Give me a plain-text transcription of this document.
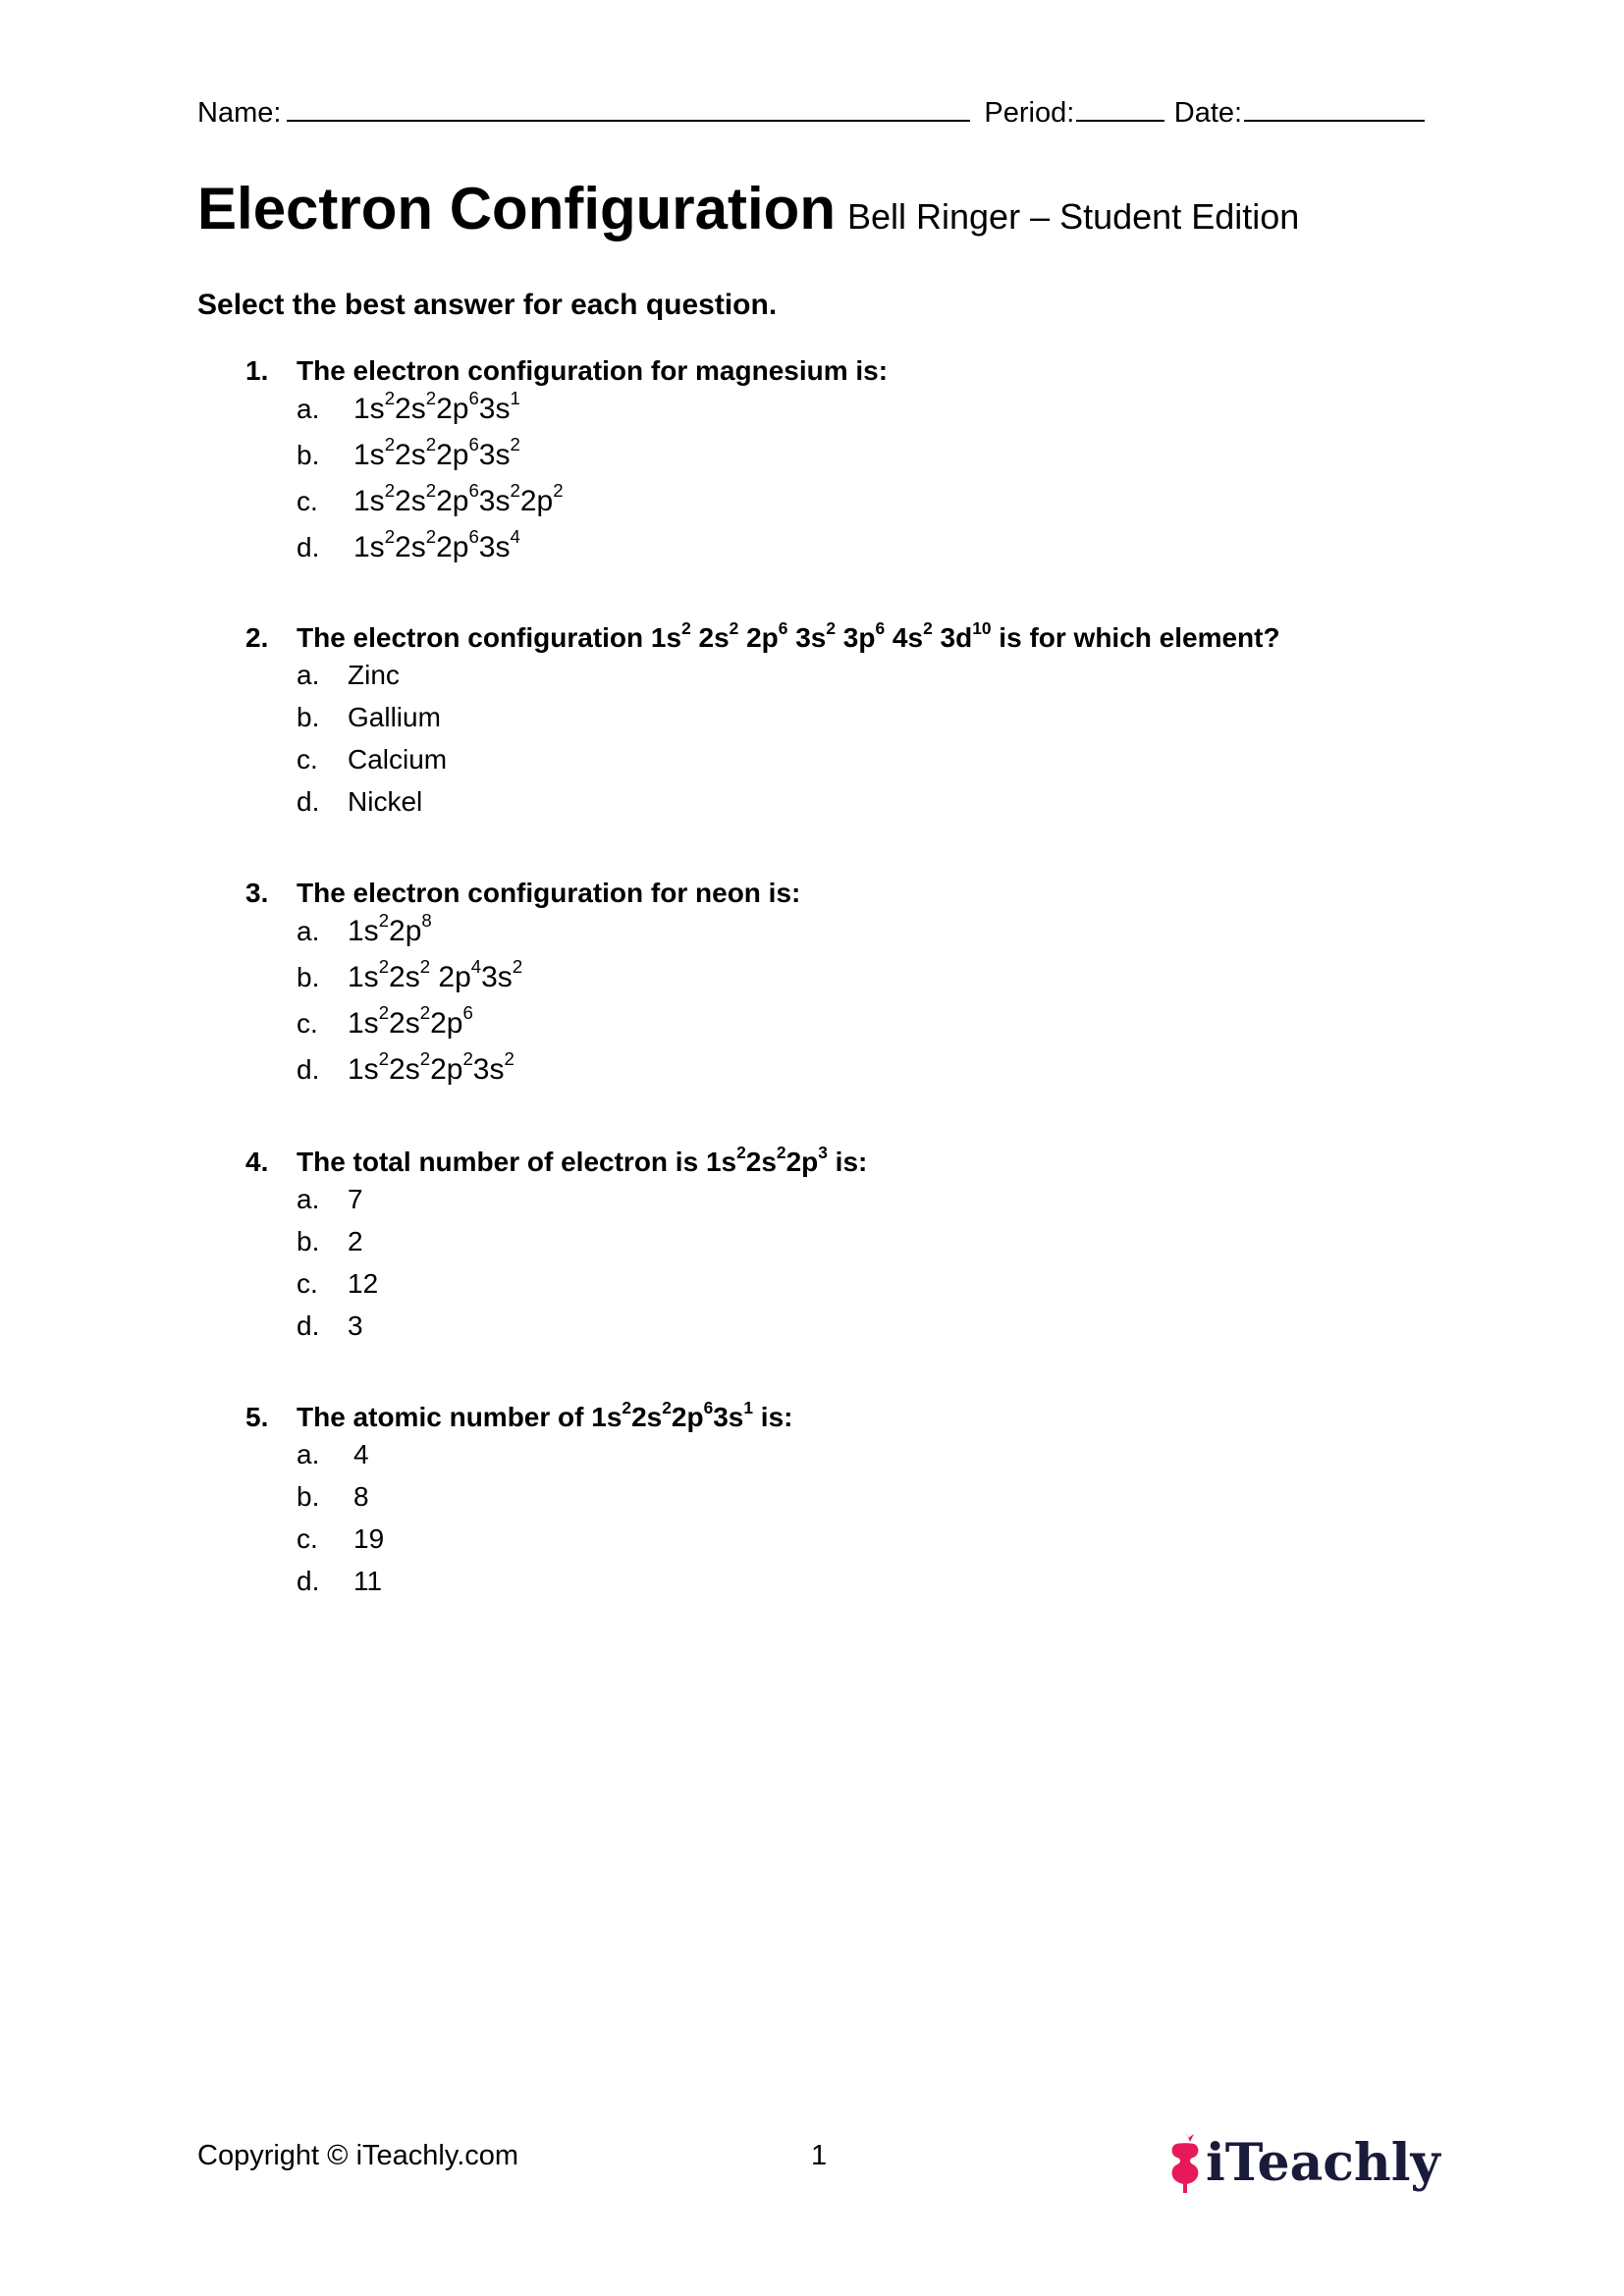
Name:	Period:	Date:
Electron Configuration Bell Ringer – Student Edition
Select the best answer for each question.
1.	The electron configuration for magnesium is:
a.	$1s^22s^22p^63s^1$
b.	$1s^22s^22p^63s^2$
c.	$1s^22s^22p^63s^22p^2$
d.	$1s^22s^22p^63s^4$
2.	The electron configuration $1s^2$ $2s^2$ $2p^6$ $3s^2$ $3p^6$ $4s^2$ $3d^{10}$ is for which element?
a.	Zinc
b.	Gallium
c.	Calcium
d.	Nickel
3.	The electron configuration for neon is:
a. $1s^22p^8$
b. $1s^22s^2$ $2p^43s^2$
c.	$1s^22s^22p^6$
d. $1s^22s^22p^23s^2$
4.	The total number of electron is $1s^22s^22p^3$ is:
a.	7
b.	2
c.	12
d.	3
5.	The atomic number of $1s^22s^22p^63s^1$ is:
a.	4
b.	8
c.	19
d.	11
Copyright © iTeachly.com	1	iTeachly
